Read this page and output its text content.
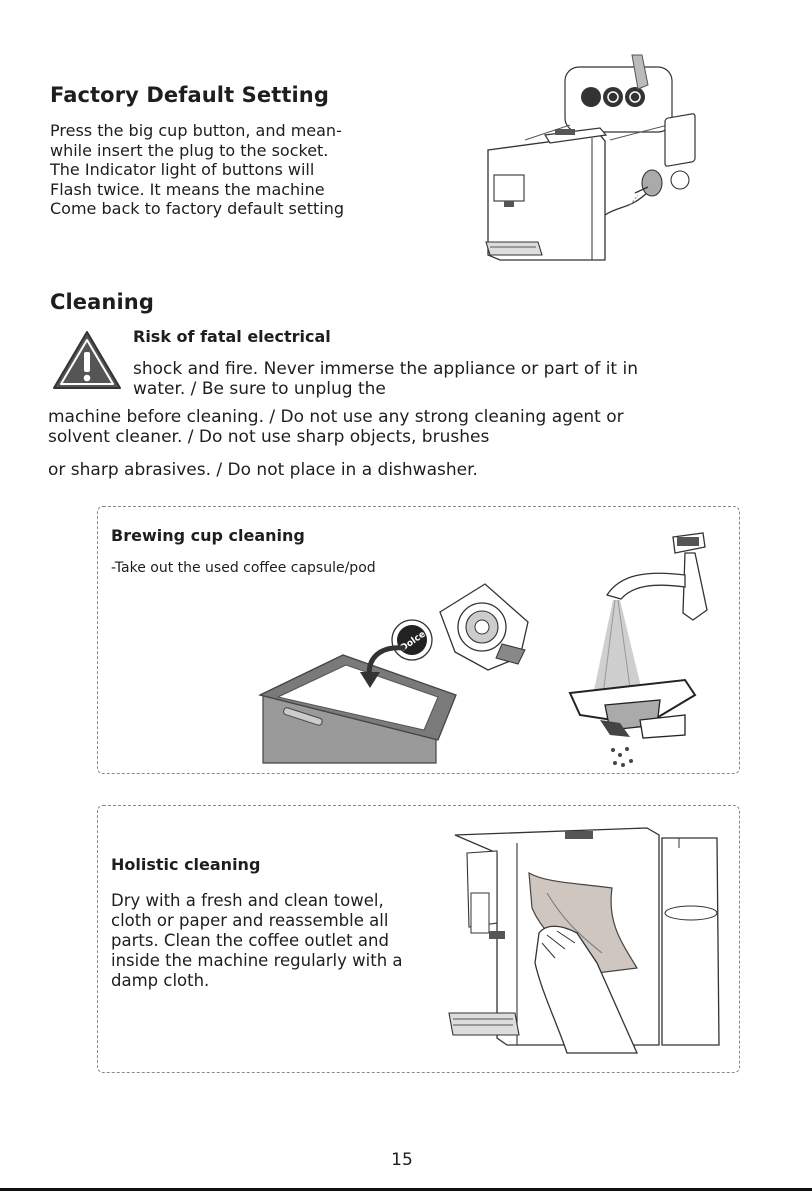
Factory Default Setting
Press the big cup button, and mean-
while insert the plug to the socket.
The Indicator light of buttons will
Flash twice. It means the machine
Come back to factory default setting
Cleaning
Risk of fatal electrical
shock and fire. Never immerse the appliance or part of it in
water. / Be sure to unplug the
machine before cleaning. / Do not use any strong cleaning agent or
solvent cleaner. / Do not use sharp objects, brushes
or sharp abrasives. / Do not place in a dishwasher.
Brewing cup cleaning
-Take out the used coffee capsule/pod
Dolce
Holistic cleaning
Dry with a fresh and clean towel,
cloth or paper and reassemble all
parts. Clean the coffee outlet and
inside the machine regularly with a
damp cloth.
15
